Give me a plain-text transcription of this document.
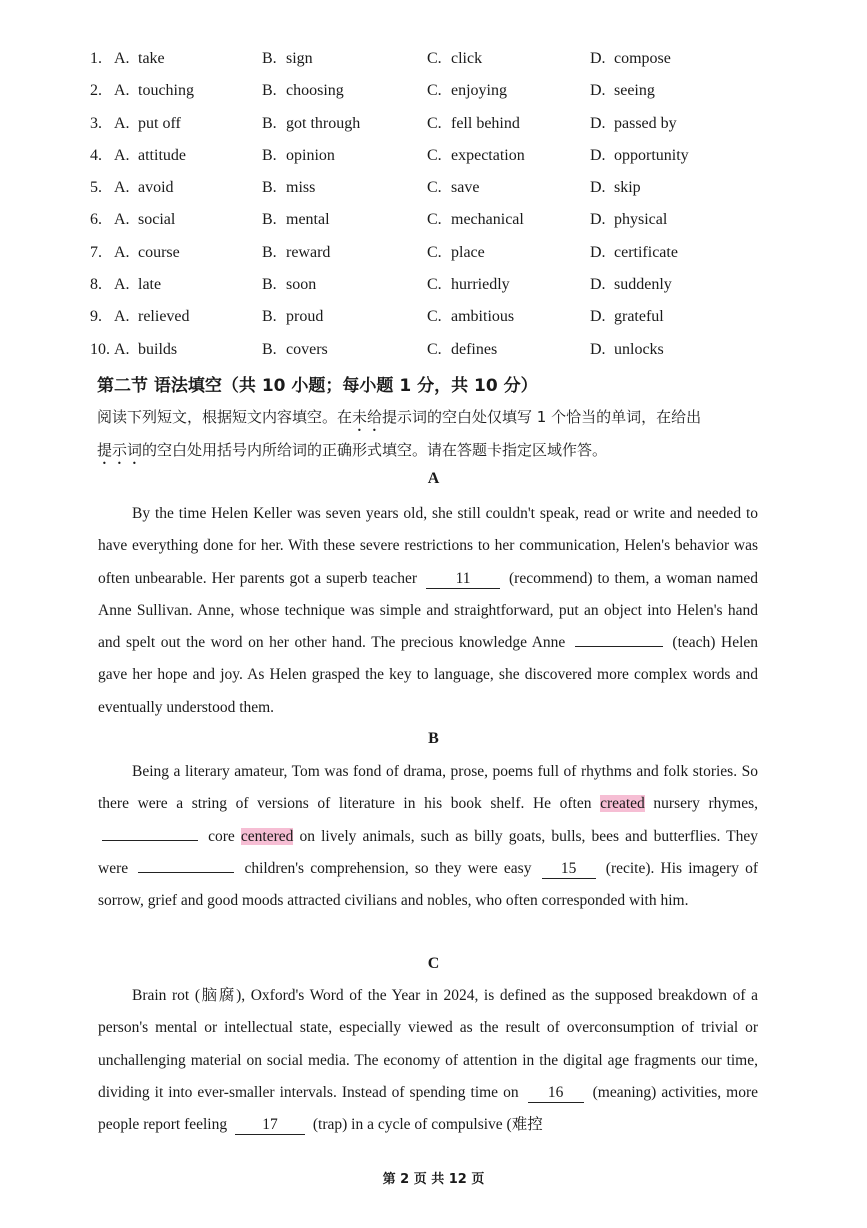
1. A. take	B. sign	C. click	D. compose
2. A. touching	B. choosing	C. enjoying	D. seeing
3. A. put off	B. got through	C. fell behind	D. passed by
4. A. attitude	B. opinion	C. expectation	D. opportunity
5. A. avoid	B. miss	C. save	D. skip
6. A. social	B. mental	C. mechanical	D. physical
7. A. course	B. reward	C. place	D. certificate
8. A. late	B. soon	C. hurriedly	D. suddenly
9. A. relieved	B. proud	C. ambitious	D. grateful
10. A. builds	B. covers	C. defines	D. unlocks
第二节 语法填空（共 10 小题；每小题 1 分，共 10 分）
阅读下列短文，根据短文内容填空。在未给提示词的空白处仅填写 1 个恰当的单词，在给出
提示词的空白处用括号内所给词的正确形式填空。请在答题卡指定区域作答。
A
By the time Helen Keller was seven years old, she still couldn't speak, read or write and needed to have everything done for her. With these severe restrictions to her communication, Helen's behavior was often unbearable. Her parents got a superb teacher 11 (recommend) to them, a woman named Anne Sullivan. Anne, whose technique was simple and straightforward, put an object into Helen's hand and spelt out the word on her other hand. The precious knowledge Anne	(teach) Helen gave her hope and joy. As Helen grasped the key to language, she discovered more complex words and eventually understood them.
B
Being a literary amateur, Tom was fond of drama, prose, poems full of rhythms and folk stories. So there were a string of versions of literature in his book shelf. He often created nursery rhymes,  core centered on lively animals, such as billy goats, bulls, bees and butterflies. They were	children's comprehension, so they were easy 15 (recite). His imagery of sorrow, grief and good moods attracted civilians and nobles, who often corresponded with him.
C
Brain rot (脑腐), Oxford's Word of the Year in 2024, is defined as the supposed breakdown of a person's mental or intellectual state, especially viewed as the result of overconsumption of trivial or unchallenging material on social media. The economy of attention in the digital age fragments our time, dividing it into ever-smaller intervals. Instead of spending time on 16 (meaning) activities, more people report feeling 17 (trap) in a cycle of compulsive (难控
第 2 页 共 12 页
